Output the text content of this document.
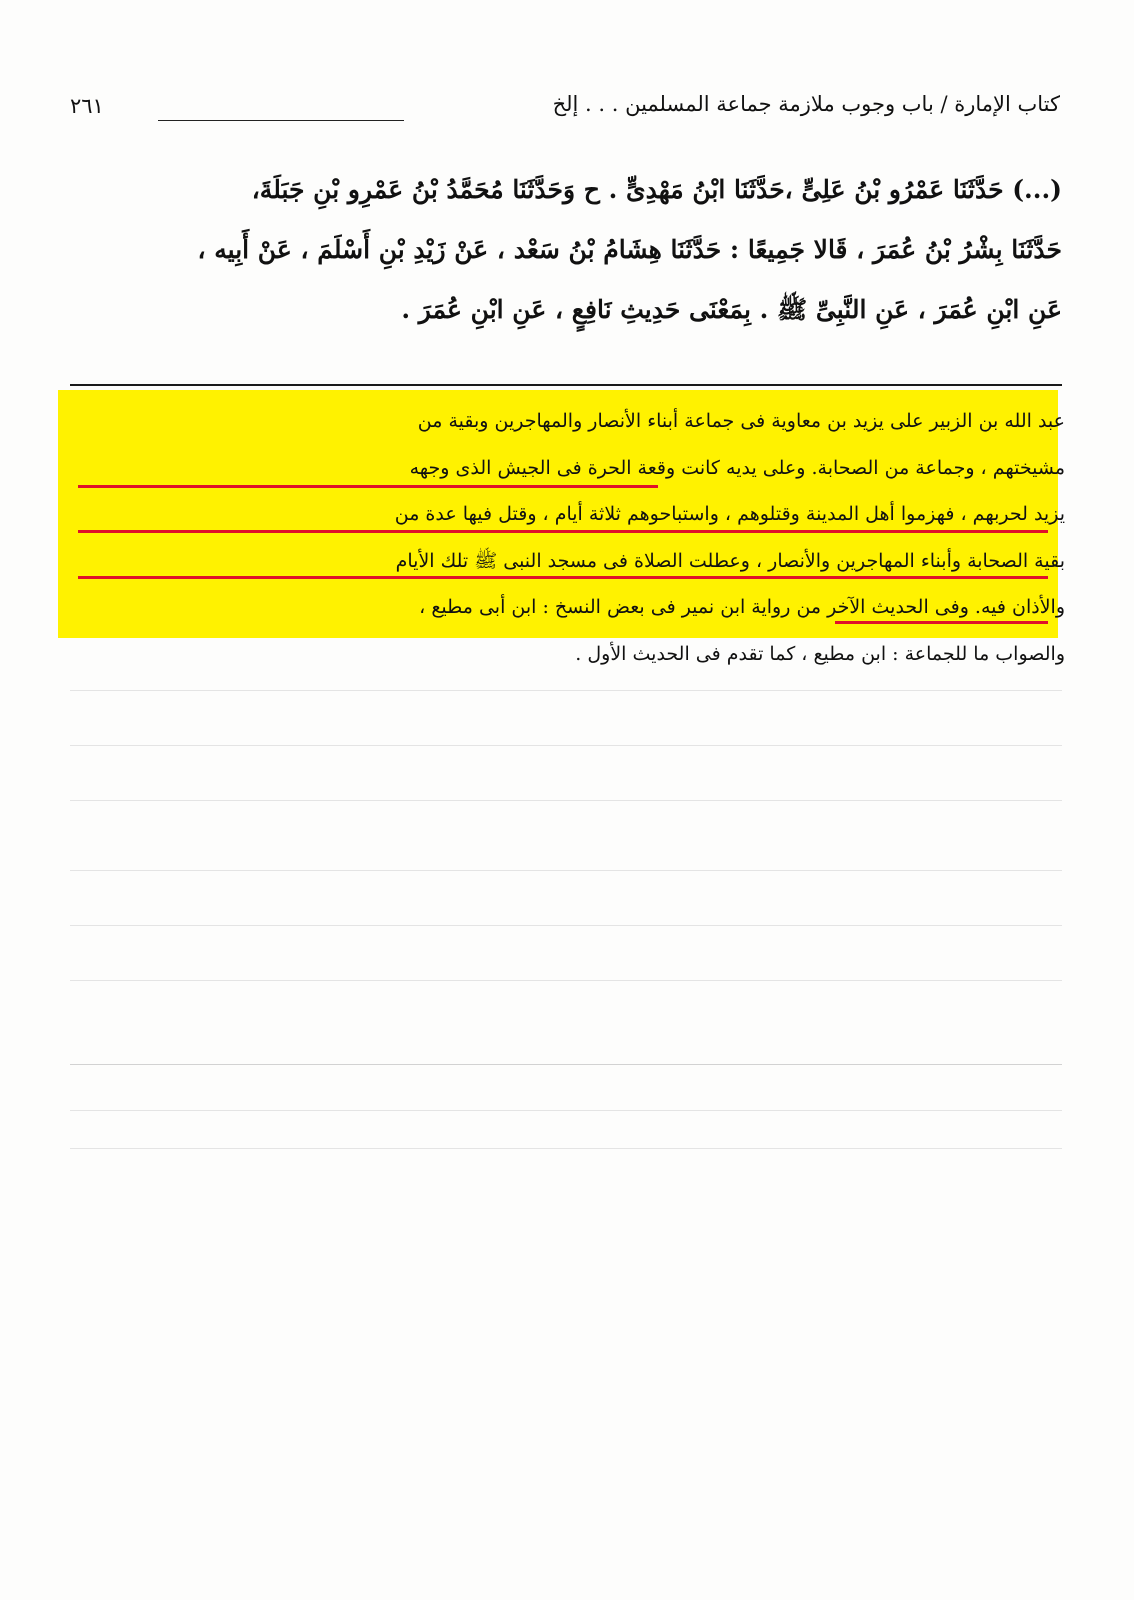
كتاب الإمارة / باب وجوب ملازمة جماعة المسلمين . . . إلخ
٢٦١
(...) حَدَّثَنَا عَمْرُو بْنُ عَلِىٍّ ،حَدَّثَنَا ابْنُ مَهْدِىٍّ . ح وَحَدَّثَنَا مُحَمَّدُ بْنُ عَمْرِو بْنِ جَبَلَةَ،
حَدَّثَنَا بِشْرُ بْنُ عُمَرَ ، قَالا جَمِيعًا : حَدَّثَنَا هِشَامُ بْنُ سَعْد ، عَنْ زَيْدِ بْنِ أَسْلَمَ ، عَنْ أَبِيه ،
عَنِ ابْنِ عُمَرَ ، عَنِ النَّبِىِّ ﷺ . بِمَعْنَى حَدِيثِ نَافِعٍ ، عَنِ ابْنِ عُمَرَ .
عبد الله بن الزبير على يزيد بن معاوية فى جماعة أبناء الأنصار والمهاجرين وبقية من
مشيختهم ، وجماعة من الصحابة. وعلى يديه كانت وقعة الحرة فى الجيش الذى وجهه
يزيد لحربهم ، فهزموا أهل المدينة وقتلوهم ، واستباحوهم ثلاثة أيام ، وقتل فيها عدة من
بقية الصحابة وأبناء المهاجرين والأنصار ، وعطلت الصلاة فى مسجد النبى ﷺ تلك الأيام
والأذان فيه. وفى الحديث الآخر من رواية ابن نمير فى بعض النسخ : ابن أبى مطيع ،
والصواب ما للجماعة : ابن مطيع ، كما تقدم فى الحديث الأول .
